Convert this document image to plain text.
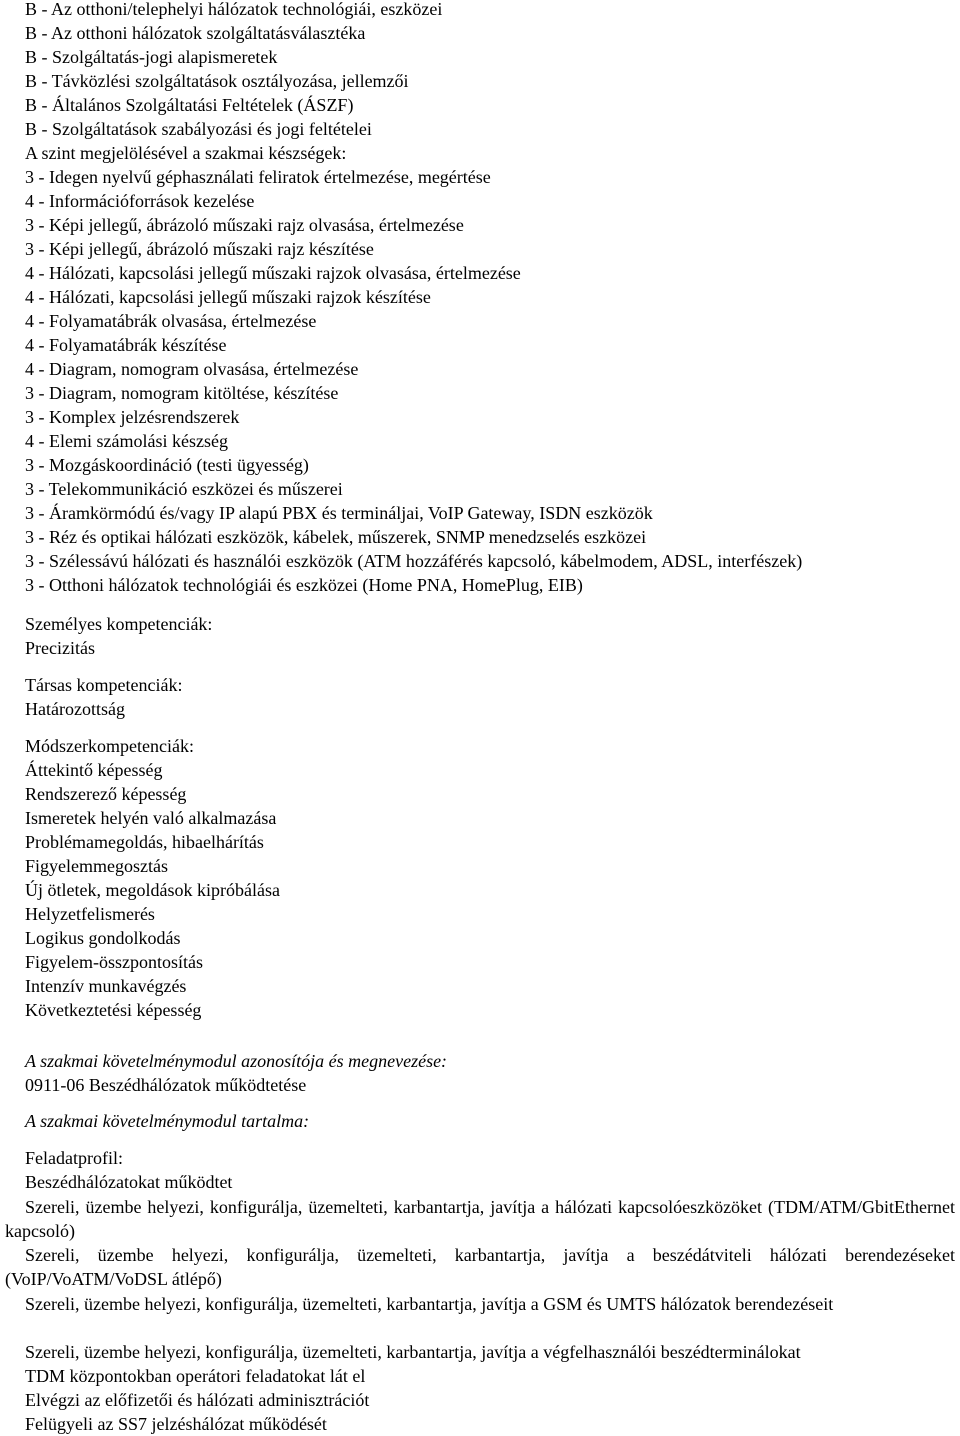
B - Az otthoni/telephelyi hálózatok technológiái, eszközei
B - Az otthoni hálózatok szolgáltatásválasztéka
B - Szolgáltatás-jogi alapismeretek
B - Távközlési szolgáltatások osztályozása, jellemzői
B - Általános Szolgáltatási Feltételek (ÁSZF)
B - Szolgáltatások szabályozási és jogi feltételei
A szint megjelölésével a szakmai készségek:
3 - Idegen nyelvű géphasználati feliratok értelmezése, megértése
4 - Információforrások kezelése
3 - Képi jellegű, ábrázoló műszaki rajz olvasása, értelmezése
3 - Képi jellegű, ábrázoló műszaki rajz készítése
4 - Hálózati, kapcsolási jellegű műszaki rajzok olvasása, értelmezése
4 - Hálózati, kapcsolási jellegű műszaki rajzok készítése
4 - Folyamatábrák olvasása, értelmezése
4 - Folyamatábrák készítése
4 - Diagram, nomogram olvasása, értelmezése
3 - Diagram, nomogram kitöltése, készítése
3 - Komplex jelzésrendszerek
4 - Elemi számolási készség
3 - Mozgáskoordináció (testi ügyesség)
3 - Telekommunikáció eszközei és műszerei
3 - Áramkörmódú és/vagy IP alapú PBX és termináljai, VoIP Gateway, ISDN eszközök
3 - Réz és optikai hálózati eszközök, kábelek, műszerek, SNMP menedzselés eszközei
3 - Szélessávú hálózati és használói eszközök (ATM hozzáférés kapcsoló, kábelmodem, ADSL, interfészek)
3 - Otthoni hálózatok technológiái és eszközei (Home PNA, HomePlug, EIB)
Személyes kompetenciák:
Precizitás
Társas kompetenciák:
Határozottság
Módszerkompetenciák:
Áttekintő képesség
Rendszerező képesség
Ismeretek helyén való alkalmazása
Problémamegoldás, hibaelhárítás
Figyelemmegosztás
Új ötletek, megoldások kipróbálása
Helyzetfelismerés
Logikus gondolkodás
Figyelem-összpontosítás
Intenzív munkavégzés
Következtetési képesség
A szakmai követelménymodul azonosítója és megnevezése:
0911-06 Beszédhálózatok működtetése
A szakmai követelménymodul tartalma:
Feladatprofil:
Beszédhálózatokat működtet
Szereli, üzembe helyezi, konfigurálja, üzemelteti, karbantartja, javítja a hálózati kapcsolóeszközöket (TDM/ATM/GbitEthernet kapcsoló)
Szereli, üzembe helyezi, konfigurálja, üzemelteti, karbantartja, javítja a beszédátviteli hálózati berendezéseket (VoIP/VoATM/VoDSL átlépő)
Szereli, üzembe helyezi, konfigurálja, üzemelteti, karbantartja, javítja a GSM és UMTS hálózatok berendezéseit
Szereli, üzembe helyezi, konfigurálja, üzemelteti, karbantartja, javítja a végfelhasználói beszédterminálokat
TDM központokban operátori feladatokat lát el
Elvégzi az előfizetői és hálózati adminisztrációt
Felügyeli az SS7 jelzéshálózat működését
